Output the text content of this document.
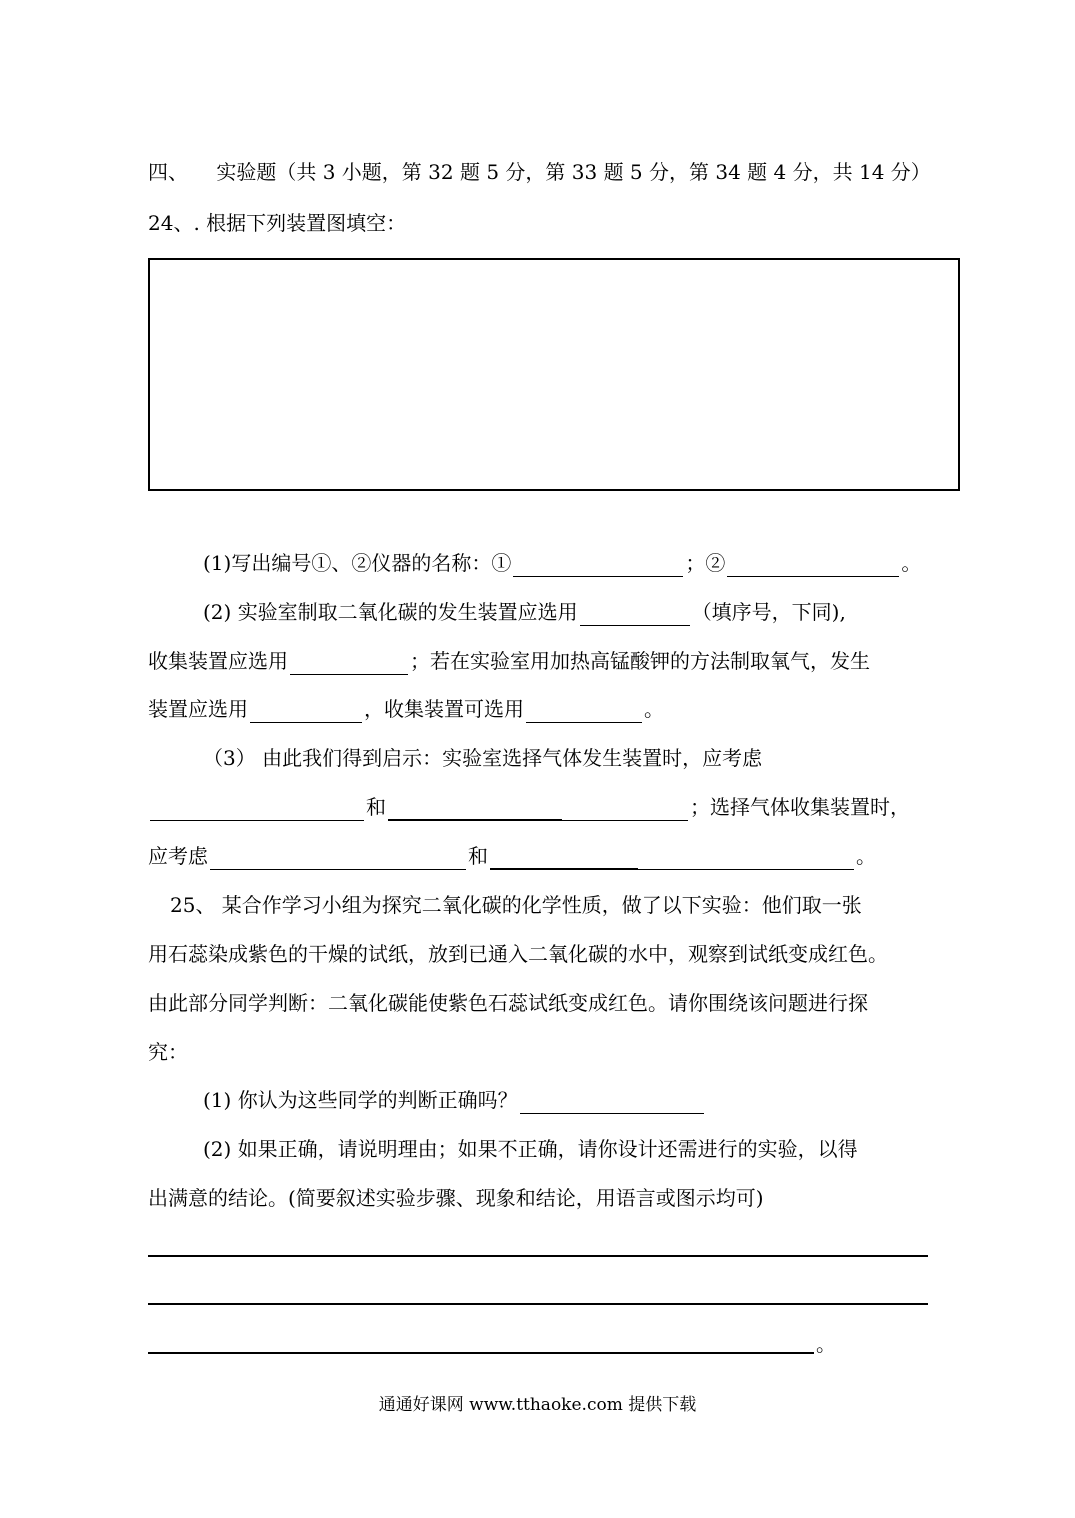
四、 实验题（共 3 小题，第 32 题 5 分，第 33 题 5 分，第 34 题 4 分，共 14 分）
24、. 根据下列装置图填空：
(1)写出编号①、②仪器的名称：①	；②	。
(2) 实验室制取二氧化碳的发生装置应选用	（填序号，下同),
收集装置应选用	；若在实验室用加热高锰酸钾的方法制取氧气，发生
装置应选用	，收集装置可选用	。
（3） 由此我们得到启示：实验室选择气体发生装置时，应考虑
和	；选择气体收集装置时，
应考虑	和	。
25、 某合作学习小组为探究二氧化碳的化学性质，做了以下实验：他们取一张
用石蕊染成紫色的干燥的试纸，放到已通入二氧化碳的水中，观察到试纸变成红色。
由此部分同学判断：二氧化碳能使紫色石蕊试纸变成红色。请你围绕该问题进行探
究：
(1) 你认为这些同学的判断正确吗？
(2) 如果正确，请说明理由；如果不正确，请你设计还需进行的实验，以得
出满意的结论。(简要叙述实验步骤、现象和结论，用语言或图示均可)
。
通通好课网 www.tthaoke.com 提供下载
